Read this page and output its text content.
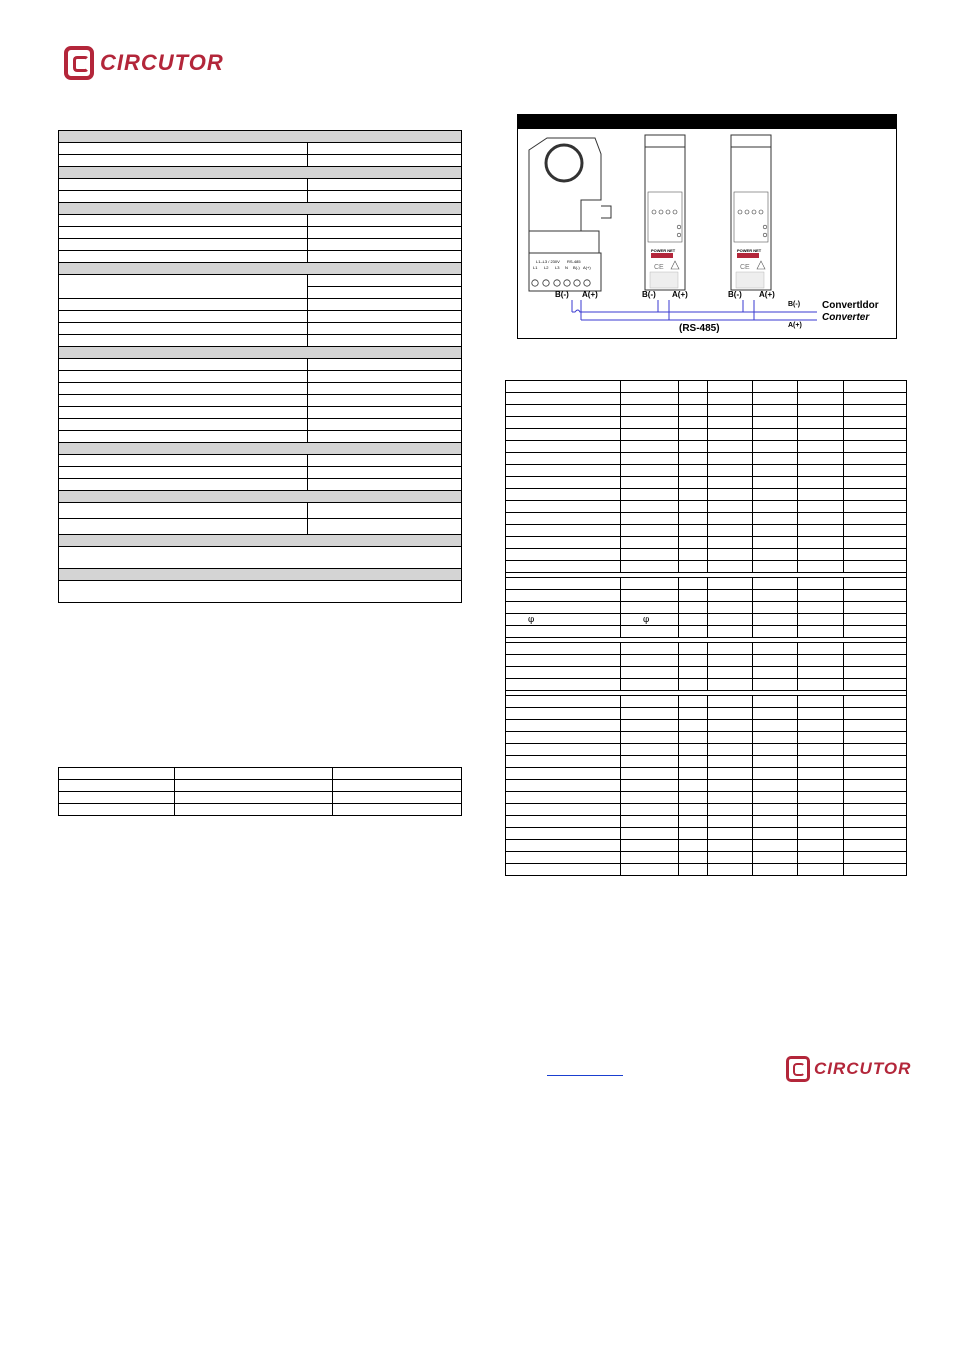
CIRCUTOR

L1–L3 / 230V RS-485
L1 L2 L3 N B(-) A(+)
B(-) A(+)
POWER NET
CE
B(-) A(+)
POWER NET
CE
B(-) A(+)
B(-)
A(+)
Convertldor
Converter
(RS-485)

φ	φ					

CIRCUTOR
